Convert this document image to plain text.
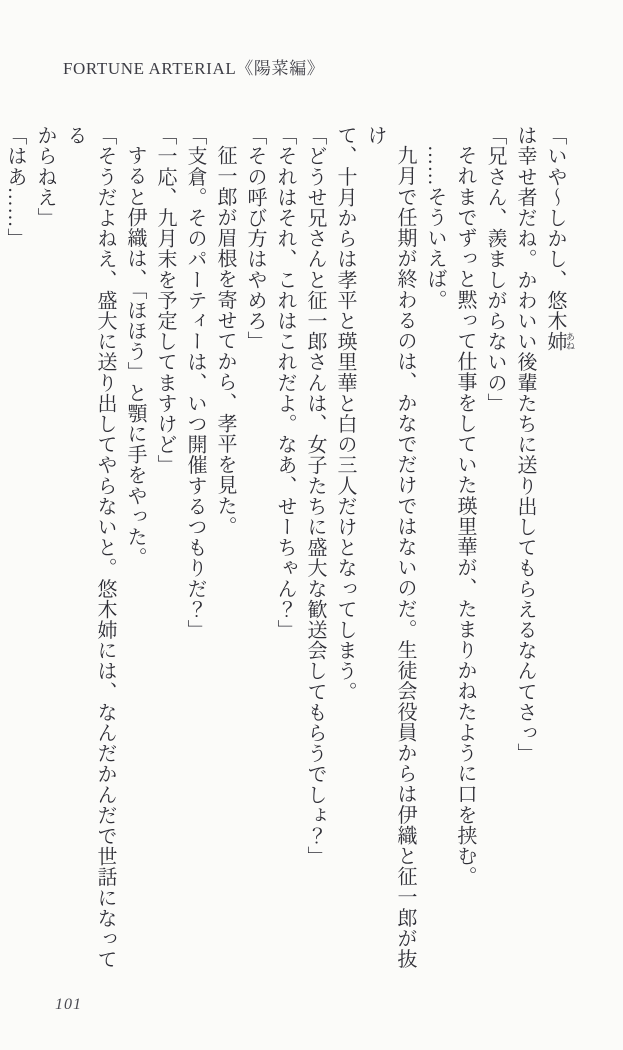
FORTUNE ARTERIAL《陽菜編》

「いや〜しかし、悠木姉 あねは幸せ者だね。かわいい後輩たちに送り出してもらえるなんてさっ」

「兄さん、羨ましがらないの」

それまでずっと黙って仕事をしていた瑛里華が、たまりかねたように口を挟む。

……そういえば。

九月で任期が終わるのは、かなでだけではないのだ。生徒会役員からは伊織と征一郎が抜け

て、十月からは孝平と瑛里華と白の三人だけとなってしまう。

「どうせ兄さんと征一郎さんは、女子たちに盛大な歓送会してもらうでしょ？」

「それはそれ、これはこれだよ。なあ、せーちゃん？」

「その呼び方はやめろ」

征一郎が眉根を寄せてから、孝平を見た。

「支倉。そのパーティーは、いつ開催するつもりだ？」

「一応、九月末を予定してますけど」

すると伊織は、「ほほう」と顎に手をやった。

「そうだよねえ、盛大に送り出してやらないと。悠木姉には、なんだかんだで世話になってる

からねえ」

「はあ……」

101
